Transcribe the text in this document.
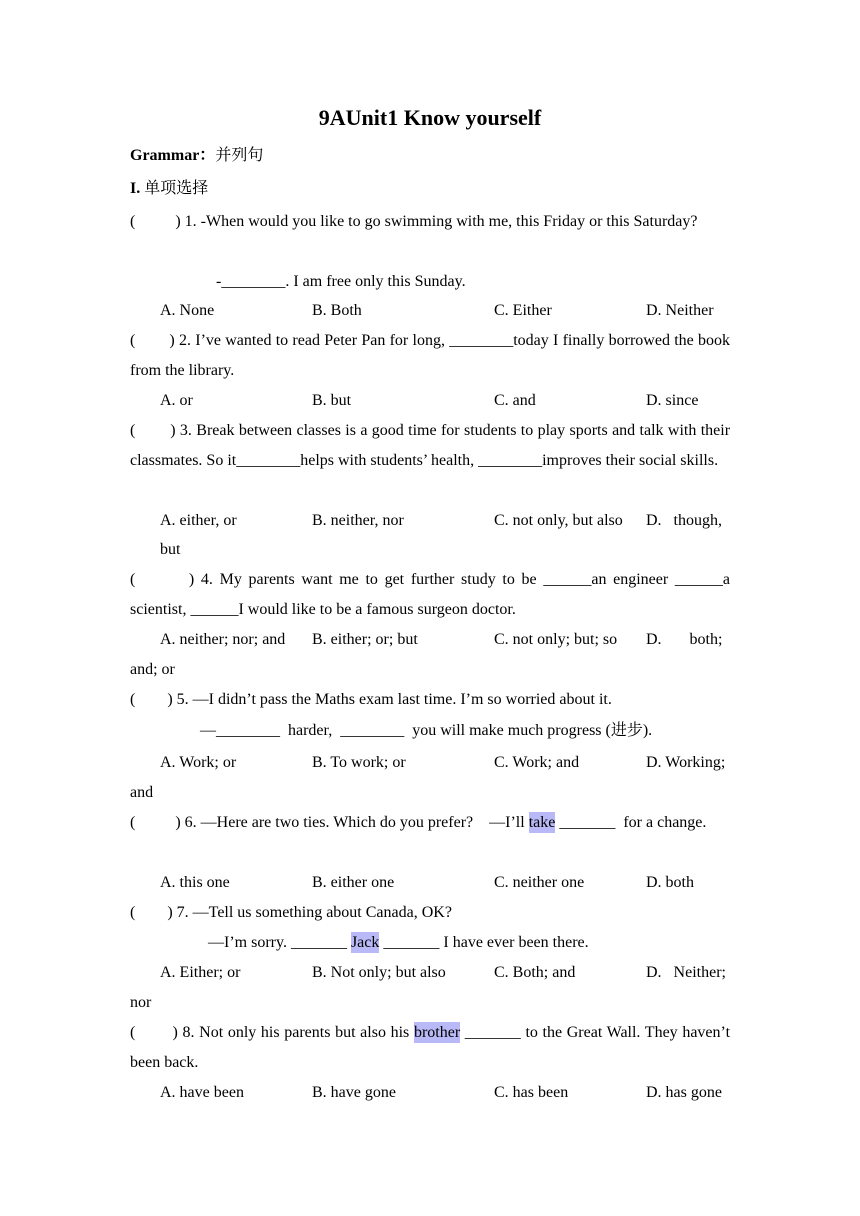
9AUnit1 Know yourself
Grammar：并列句
I. 单项选择
(          ) 1. -When would you like to go swimming with me, this Friday or this Saturday?
-________. I am free only this Sunday.
A. None	B. Both	C. Either	D. Neither
(        ) 2. I’ve wanted to read Peter Pan for long, ________today I finally borrowed the book from the library.
A. or	B. but	C. and	D. since
(        ) 3. Break between classes is a good time for students to play sports and talk with their classmates. So it________helps with students’ health, ________improves their social skills.
A. either, or	B. neither, nor	C. not only, but also D.   though,
but
(        ) 4. My parents want me to get further study to be ______an engineer ______a scientist, ______I would like to be a famous surgeon doctor.
A. neither; nor; and B. either; or; but	C. not only; but; so D.       both;
and; or
(        ) 5. —I didn’t pass the Maths exam last time. I’m so worried about it.
—________  harder,  ________  you will make much progress (进步).
A. Work; or	B. To work; or	C. Work; and	D. Working;
and
(          ) 6. —Here are two ties. Which do you prefer?    —I’ll take _______  for a change.
A. this one	B. either one	C. neither one	D. both
(        ) 7. —Tell us something about Canada, OK?
—I’m sorry. _______ Jack _______ I have ever been there.
A. Either; or	B. Not only; but also	C. Both; and	D.   Neither;
nor
(        ) 8. Not only his parents but also his brother _______ to the Great Wall. They haven’t been back.
A. have been	B. have gone	C. has been	D. has gone
